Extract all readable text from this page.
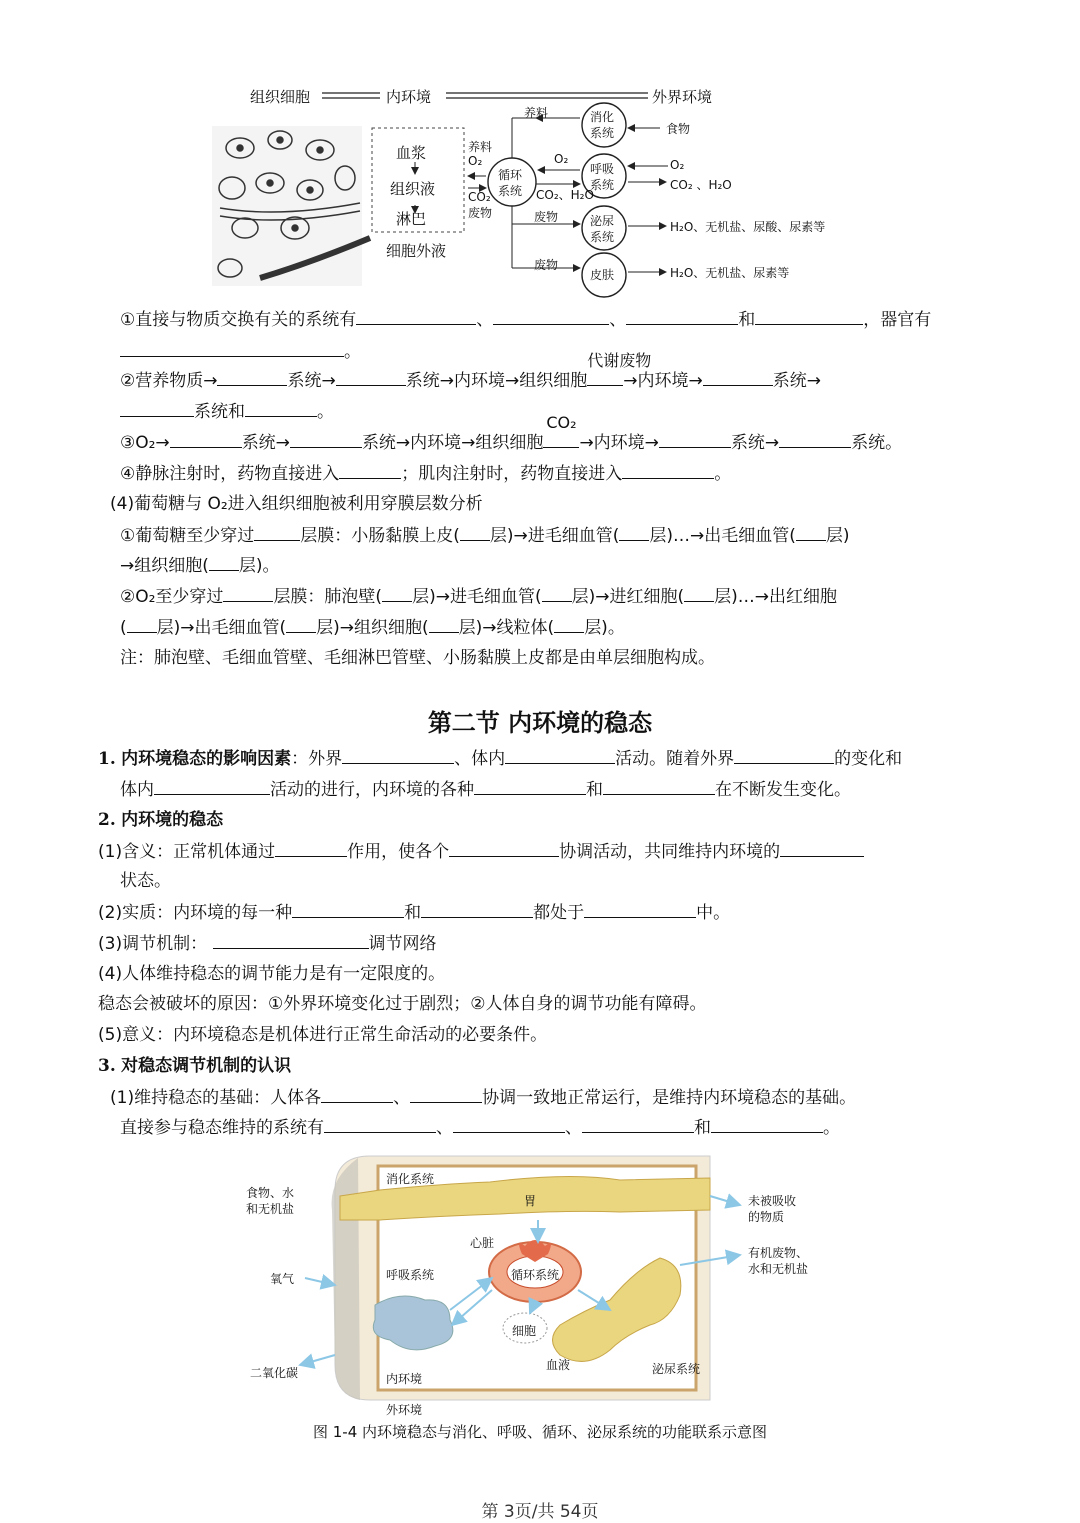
组织细胞	内环境	外界环境
血浆
组织液
淋巴
细胞外液
养料
养料
O₂
CO₂
废物
循环
系统
消化
系统	食物
O₂
CO₂、H₂O
呼吸
系统
O₂
CO₂ 、H₂O
废物	泌尿
系统
H₂O、无机盐、尿酸、尿素等
废物
皮肤	H₂O、无机盐、尿素等
①直接与物质交换有关的系统有	、	、	和	，器官有
。
②营养物质→	系统→	系统→内环境→组织细胞
代谢废物
→内环境→	系统→
系统和	。
③O₂→	系统→	系统→内环境→组织细胞
CO₂
→内环境→	系统→	系统。
④静脉注射时，药物直接进入	；肌肉注射时，药物直接进入	。
(4)葡萄糖与 O₂进入组织细胞被利用穿膜层数分析
①葡萄糖至少穿过	层膜：小肠黏膜上皮( 层)→进毛细血管( 层)…→出毛细血管( 层)
→组织细胞( 层)。
②O₂至少穿过	层膜：肺泡壁( 层)→进毛细血管( 层)→进红细胞( 层)…→出红细胞
( 层)→出毛细血管( 层)→组织细胞( 层)→线粒体( 层)。
注：肺泡壁、毛细血管壁、毛细淋巴管壁、小肠黏膜上皮都是由单层细胞构成。
第二节 内环境的稳态
1. 内环境稳态的影响因素：外界	、体内	活动。随着外界	的变化和
体内	活动的进行，内环境的各种	和	在不断发生变化。
2. 内环境的稳态
(1)含义：正常机体通过	作用，使各个	协调活动，共同维持内环境的
状态。
(2)实质：内环境的每一种	和	都处于	中。
(3)调节机制：	调节网络
(4)人体维持稳态的调节能力是有一定限度的。
稳态会被破坏的原因：①外界环境变化过于剧烈；②人体自身的调节功能有障碍。
(5)意义：内环境稳态是机体进行正常生命活动的必要条件。
3. 对稳态调节机制的认识
(1)维持稳态的基础：人体各	、	协调一致地正常运行，是维持内环境稳态的基础。
直接参与稳态维持的系统有	、	、	和	。
消化系统
胃
心脏
呼吸系统	循环系统
细胞
血液	泌尿系统
内环境
外环境
食物、水
和无机盐
氧气
二氧化碳
未被吸收
的物质
有机废物、
水和无机盐
图 1-4 内环境稳态与消化、呼吸、循环、泌尿系统的功能联系示意图
第 3页/共 54页
